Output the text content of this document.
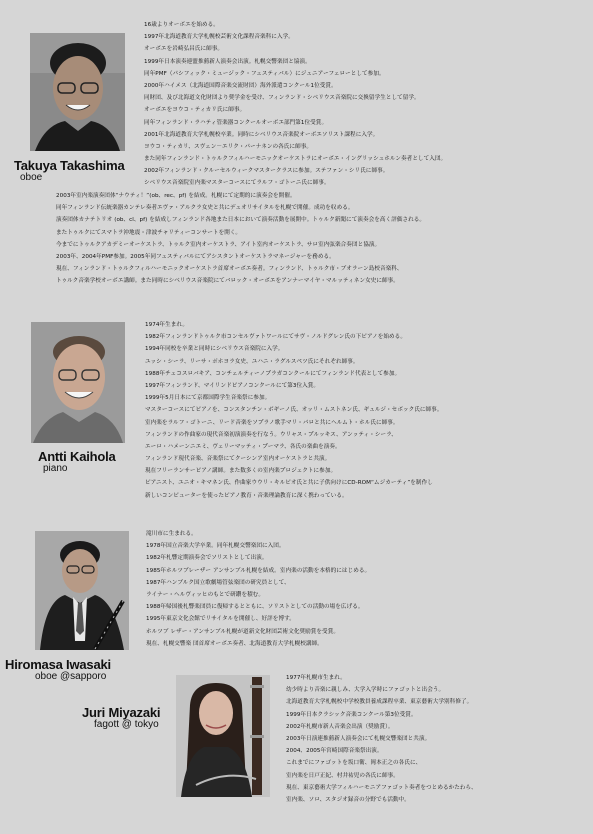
Takuya Takashima
oboe
16歳よりオーボエを始める。
1997年北海道教育大学札幌校芸術文化課程音楽科に入学。
オーボエを岩崎弘昌氏に師事。
1999年日本演奏連盟推薦新人演奏会出演。札幌交響楽団と協演。
同年PMF（パシフィック・ミュージック・フェスティバル）にジュニアーフェローとして参加。
2000年ハイメス（北海道国際音楽交流財団）海外派遣コンクール1位受賞。
同財団、及び北海道文化財団より奨学金を受け、フィンランド・シベリウス音楽院に交換留学生として留学。
オーボエをヨウコ・ティカリ氏に師事。
同年フィンランド・ラハティ管楽器コンクールオーボエ部門第1位受賞。
2001年北海道教育大学札幌校卒業。同時にシベリウス音楽院オーボエソリスト課程に入学。
ヨウコ・ティカリ、スヴェン－エリク・パーナネンの各氏に師事。
また同年フィンランド・トゥルクフィルハーモニックオーケストラにオーボエ・イングリッシュホルン奏者として入団。
2002年フィンランド・クルーセルウィークマスタークラスに参加。ステファン・シリ氏に師事。
シベリウス音楽院室内楽マスターコースにてラルフ・ゴトーニ氏に師事。
2003年室内楽演奏団体“ナウティ！”(ob、rec、pf) を結成。札幌にて定期的に演奏会を開催。
同年フィンランド伝統楽器カンテレ奏者エヴァ・アルクラ女史と共にデュオリサイタルを札幌で開催。成功を収める。
演奏団体カナテトリオ (ob、cl、pf) を結成しフィンランド各地また日本において演奏活動を展開中。トゥルク新聞にて演奏会を高く評価される。
またトゥルクにてスマトラ沖地震・津波チャリティーコンサートを開く。
今までにトゥルクアカデミーオーケストラ、トゥルク室内オーケストラ、アイト室内オーケストラ、サロ室内弦楽合奏団と協演。
2003年、2004年PMF参加。2005年同フェスティバルにてアシスタントオーケストラマネージャーを務める。
現在、フィンランド・トゥルクフィルハーモニックオーケストラ首席オーボエ奏者。フィンランド、トゥルク市・ブオラーン島校音楽科、
トゥルク音楽学校オーボエ講師。また同時にシベリウス音楽院にてバロック・オーボエをアンナーマイヤ・マルッティネン女史に師事。
Antti Kaihola
piano
1974年生まれ。
1982年フィンランドトゥルク市コンセルヴァトワールにてサヴ・ノルドグレン氏の下ピアノを始める。
1994年同校を卒業と同時にシベリウス音楽院に入学。
ユッシ・シーラ、リーサ・ポホヨラ女史、ユハニ・ラグルスペツ氏にそれぞれ師事。
1988年チェコスロバキア、コンチェルティーノプラガコンクールにてフィンランド代表として参加。
1997年フィンランド、マイリンドピアノコンクールにて第3位入賞。
1999年5月日本にて京都国際学生音楽祭に参加。
マスターコースにてピアノを、コンスタンチン・ボギーノ氏、オッリ・ムストネン氏、ギュルジ・セボック氏に師事。
室内楽をラルフ・ゴトーニ、リード音楽をソプラノ歌手マリ・パロと共にヘルムト・ホル氏に師事。
フィンランドの作曲家の現代音楽初演演奏を行なう。ウリャス・プルッキス、アンッティ・シーラ、
エーロ・ハメーンニエミ、ヴェリーマッティ・プーマラ、各氏の楽曲を演奏。
フィンランド現代音楽、音楽祭にてクーシンア室内オーケストラと共演。
現在フリーランサーピアノ講師。また数多くの室内楽プロジェクトに参加。
ピアニスト、ユニオ・キマネン氏、作曲家ウウリ・キルピオ氏と共に子供向けにCD-ROM“ムジカーティ”を制作し
新しいコンピューターを使ったピアノ教育・音楽理論教育に深く携わっている。
Hiromasa Iwasaki
oboe @sapporo
滝川市に生まれる。
1978年国立音楽大学卒業。同年札幌交響楽団に入団。
1982年札響定期演奏会でソリストとして出演。
1985年ホルツブレーザー アンサンブル札幌を結成。室内楽の活動を本格的にはじめる。
1987年ハンブルク国立歌劇場管弦楽団の研究員として、
ライナー・ヘルヴィッヒのもとで研鑽を積む。
1988年帰国後札響楽団員に復帰するとともに、ソリストとしての活動の場を広げる。
1995年東京文化会館でリサイタルを開催し、好評を博す。
ホルツブ レザー・アンサンブル札幌が道新文化財団芸術文化奨励賞を受賞。
現在、札幌交響楽 団首席オーボエ奏者、北海道教育大学札幌校講師。
Juri Miyazaki
fagott @ tokyo
1977年札幌市生まれ。
幼少時より音楽に親しみ、大学入学時にファゴットと出会う。
北海道教育大学札幌校中学校教員養成課程卒業、東京藝術大学別科修了。
1999年日本クラシック音楽コンクール第3位受賞。
2002年札幌市新人音楽会出演（奨励賞）。
2003年日演連推薦新人演奏会にて札幌交響楽団と共演。
2004、2005年宮崎国際音楽祭出演。
これまでにファゴットを坂口衛、岡本正之の各氏に、
室内楽を日戸正紀、村井祐児の各氏に師事。
現在、東京藝術大学フィルハーモニアファゴット奏者をつとめるかたわら、
室内楽、ソロ、スタジオ録音の分野でも活動中。
